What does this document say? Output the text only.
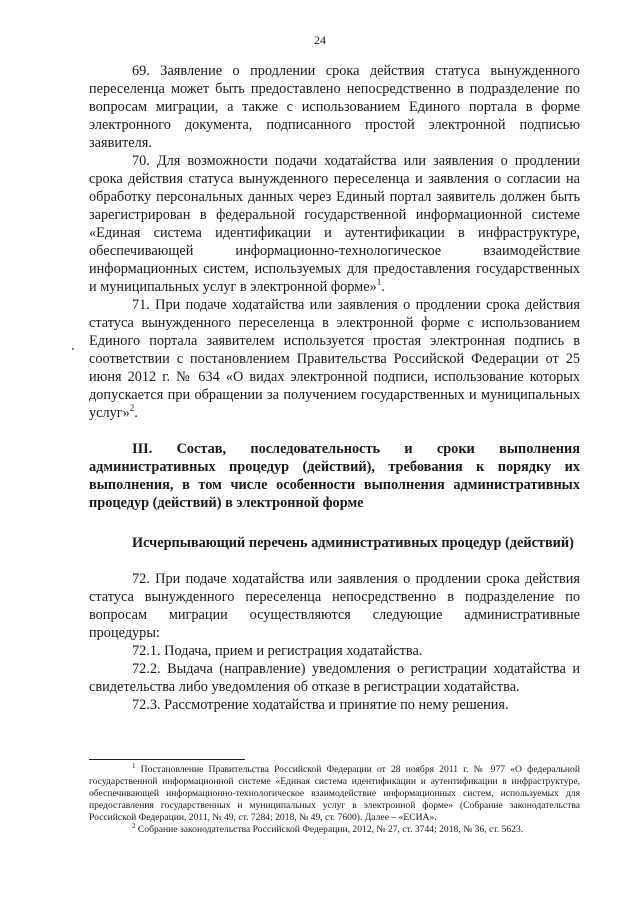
24

69. Заявление о продлении срока действия статуса вынужденного переселенца может быть предоставлено непосредственно в подразделение по вопросам миграции, а также с использованием Единого портала в форме электронного документа, подписанного простой электронной подписью заявителя.

70. Для возможности подачи ходатайства или заявления о продлении срока действия статуса вынужденного переселенца и заявления о согласии на обработку персональных данных через Единый портал заявитель должен быть зарегистрирован в федеральной государственной информационной системе «Единая система идентификации и аутентификации в инфраструктуре, обеспечивающей информационно-технологическое взаимодействие информационных систем, используемых для предоставления государственных и муниципальных услуг в электронной форме»$^1$.

71. При подаче ходатайства или заявления о продлении срока действия статуса вынужденного переселенца в электронной форме с использованием Единого портала заявителем используется простая электронная подпись в соответствии с постановлением Правительства Российской Федерации от 25 июня 2012 г. № 634 «О видах электронной подписи, использование которых допускается при обращении за получением государственных и муниципальных услуг»$^2$.

III. Состав, последовательность и сроки выполнения административных процедур (действий), требования к порядку их выполнения, в том числе особенности выполнения административных процедур (действий) в электронной форме
Исчерпывающий перечень административных процедур (действий)

72. При подаче ходатайства или заявления о продлении срока действия статуса вынужденного переселенца непосредственно в подразделение по вопросам миграции осуществляются следующие административные процедуры:

72.1. Подача, прием и регистрация ходатайства.

72.2. Выдача (направление) уведомления о регистрации ходатайства и свидетельства либо уведомления об отказе в регистрации ходатайства.

72.3. Рассмотрение ходатайства и принятие по нему решения.

$^1$ Постановление Правительства Российской Федерации от 28 ноября 2011 г. № 977 «О федеральной государственной информационной системе «Единая система идентификации и аутентификации в инфраструктуре, обеспечивающей информационно-технологическое взаимодействие информационных систем, используемых для предоставления государственных и муниципальных услуг в электронной форме» (Собрание законодательства Российской Федерации, 2011, № 49, ст. 7284; 2018, № 49, ст. 7600). Далее – «ЕСИА».

$^2$ Собрание законодательства Российской Федерации, 2012, № 27, ст. 3744; 2018, № 36, ст. 5623.
